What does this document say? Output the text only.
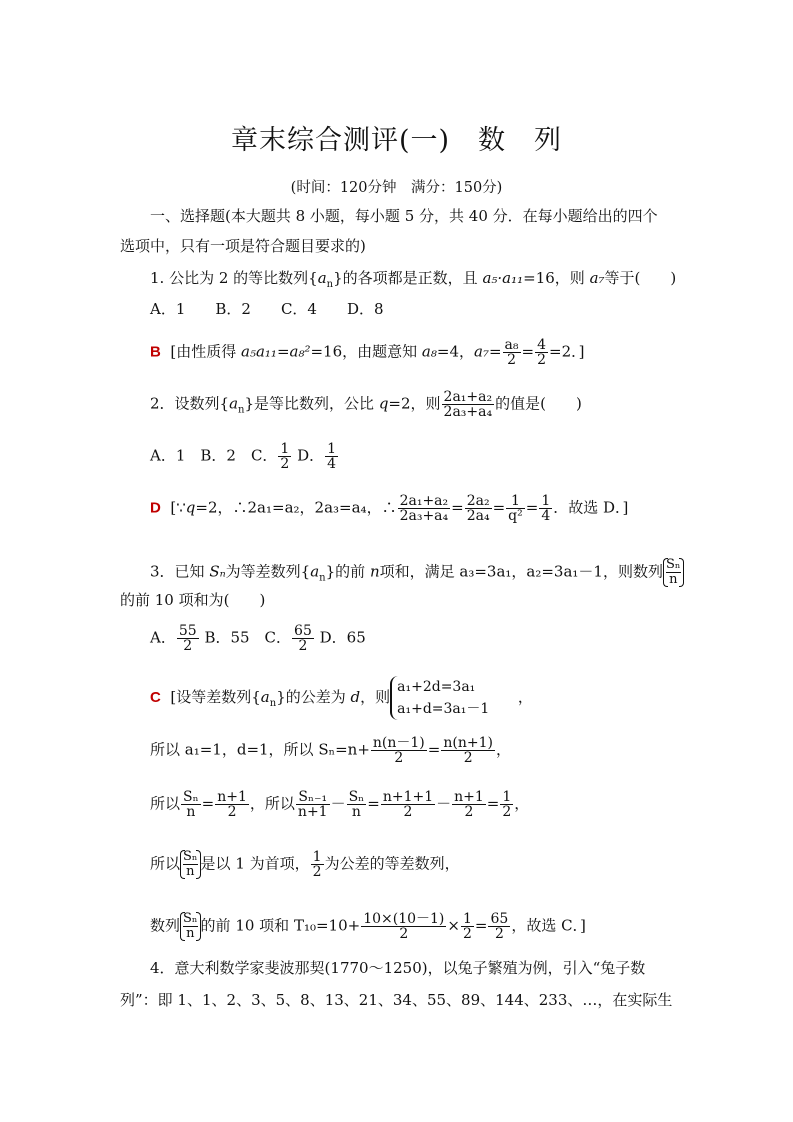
章末综合测评(一)　数　列
(时间：120分钟　满分：150分)
一、选择题(本大题共 8 小题，每小题 5 分，共 40 分．在每小题给出的四个
选项中，只有一项是符合题目要求的)
1. 公比为 2 的等比数列$\{a_n\}$的各项都是正数，且 a₅·a₁₁=16，则 a₇等于(　　)
A．1　　B．2　　C．4　　D．8
B [由性质得 a₅a₁₁=a₈²=16，由题意知 a₈=4，$a_7= \frac{\text{a₈}}{2} = \frac{4}{2} =2$．]
2．设数列$\{a_n\}$是等比数列，公比 q=2，则 $\frac{\text{2a₁+a₂}}{\text{2a₃+a₄}}$ 的值是(　　)
A．1　B．2　C． $\frac{1}{2}$ D． $\frac{1}{4}$
D [∵q=2，∴2a₁=a₂，2a₃=a₄，∴ $\frac{\text{2a₁+a₂}}{\text{2a₃+a₄}} = \frac{\text{2a₂}}{\text{2a₄}} = \frac{1}{\text{q²}} = \frac{1}{4}$ ．故选 D．]
3．已知 Sₙ为等差数列$\{a_n\}$的前 n项和，满足 a₃=3a₁，a₂=3a₁－1，则数列 $\frac{\text{Sₙ}}{n}$
的前 10 项和为(　　)
A． $\frac{55}{2}$ B．55　C． $\frac{65}{2}$ D．65
C [设等差数列$\{a_n\}$的公差为 d，则a₁+2d=3a₁
a₁+d=3a₁－1      ，
所以 a₁=1，d=1，所以 $S_n=n+ \frac{n(n-1)}{2} = \frac{n(n+1)}{2}$ ，
所以 $\frac{\text{Sₙ}}{n} = \frac{n+1}{2}$ ，所以 $\frac{\text{Sₙ₋₁}}{n+1} - \frac{\text{Sₙ}}{n} = \frac{n+1+1}{2} - \frac{n+1}{2} = \frac{1}{2}$ ，
所以 $\frac{\text{Sₙ}}{n}$是以 1 为首项， $\frac{1}{2}$ 为公差的等差数列，
数列 $\frac{\text{Sₙ}}{n}$的前 10 项和 $T_{10}=10+ \frac{10\times(10-1)}{2} \times \frac{1}{2} = \frac{65}{2}$ ，故选 C．]
4．意大利数学家斐波那契(1770～1250)，以兔子繁殖为例，引入“兔子数
列”：即 1、1、2、3、5、8、13、21、34、55、89、144、233、…，在实际生
